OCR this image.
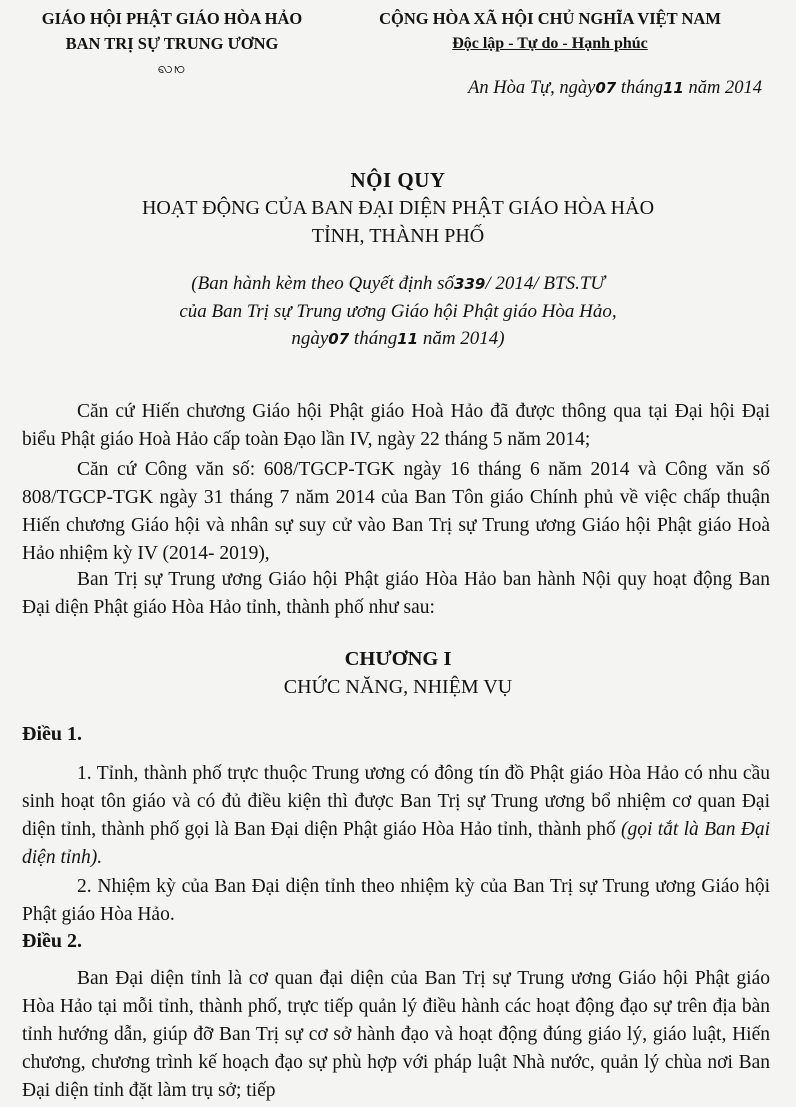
GIÁO HỘI PHẬT GIÁO HÒA HẢO
BAN TRỊ SỰ TRUNG ƯƠNG
ꩮꩯ
CỘNG HÒA XÃ HỘI CHỦ NGHĨA VIỆT NAM
Độc lập - Tự do - Hạnh phúc
An Hòa Tự, ngày07 tháng11 năm 2014
NỘI QUY
HOẠT ĐỘNG CỦA BAN ĐẠI DIỆN PHẬT GIÁO HÒA HẢO
TỈNH, THÀNH PHỐ
(Ban hành kèm theo Quyết định số339/ 2014/ BTS.TƯ
của Ban Trị sự Trung ương Giáo hội Phật giáo Hòa Hảo,
ngày07 tháng11 năm 2014)
Căn cứ Hiến chương Giáo hội Phật giáo Hoà Hảo đã được thông qua tại Đại hội Đại biểu Phật giáo Hoà Hảo cấp toàn Đạo lần IV, ngày 22 tháng 5 năm 2014;
Căn cứ Công văn số: 608/TGCP-TGK ngày 16 tháng 6 năm 2014 và Công văn số 808/TGCP-TGK ngày 31 tháng 7 năm 2014 của Ban Tôn giáo Chính phủ về việc chấp thuận Hiến chương Giáo hội và nhân sự suy cử vào Ban Trị sự Trung ương Giáo hội Phật giáo Hoà Hảo nhiệm kỳ IV (2014- 2019),
Ban Trị sự Trung ương Giáo hội Phật giáo Hòa Hảo ban hành Nội quy hoạt động Ban Đại diện Phật giáo Hòa Hảo tỉnh, thành phố như sau:
CHƯƠNG I
CHỨC NĂNG, NHIỆM VỤ
Điều 1.
1. Tỉnh, thành phố trực thuộc Trung ương có đông tín đồ Phật giáo Hòa Hảo có nhu cầu sinh hoạt tôn giáo và có đủ điều kiện thì được Ban Trị sự Trung ương bổ nhiệm cơ quan Đại diện tỉnh, thành phố gọi là Ban Đại diện Phật giáo Hòa Hảo tỉnh, thành phố (gọi tắt là Ban Đại diện tỉnh).
2. Nhiệm kỳ của Ban Đại diện tỉnh theo nhiệm kỳ của Ban Trị sự Trung ương Giáo hội Phật giáo Hòa Hảo.
Điều 2.
Ban Đại diện tỉnh là cơ quan đại diện của Ban Trị sự Trung ương Giáo hội Phật giáo Hòa Hảo tại mỗi tỉnh, thành phố, trực tiếp quản lý điều hành các hoạt động đạo sự trên địa bàn tỉnh hướng dẫn, giúp đỡ Ban Trị sự cơ sở hành đạo và hoạt động đúng giáo lý, giáo luật, Hiến chương, chương trình kế hoạch đạo sự phù hợp với pháp luật Nhà nước, quản lý chùa nơi Ban Đại diện tỉnh đặt làm trụ sở; tiếp
